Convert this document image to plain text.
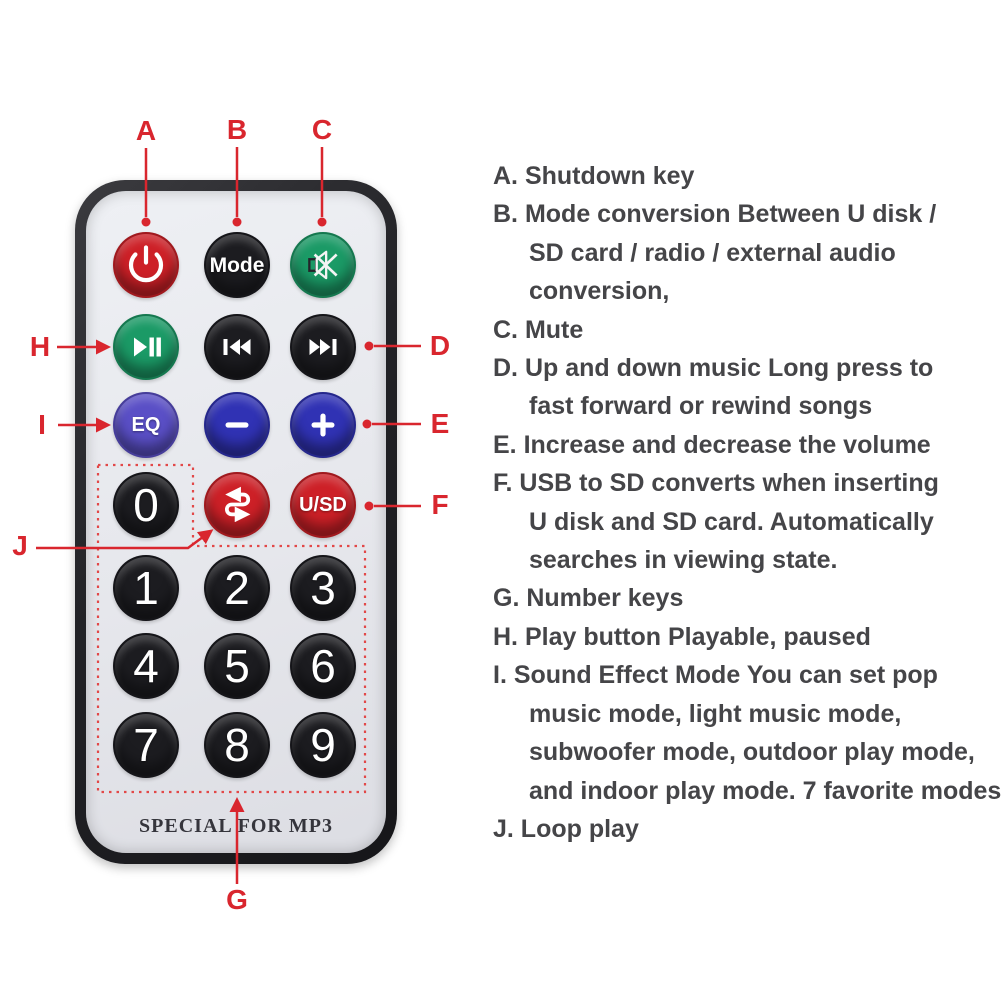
Mode
EQ
0	U/SD
1 2 3
4 5 6
7 8 9
SPECIAL FOR MP3
A	B C
D
E
F
G
H
I
J
A. Shutdown key
B. Mode conversion Between U disk /
SD card / radio / external audio
conversion,
C. Mute
D. Up and down music Long press to
fast forward or rewind songs
E. Increase and decrease the volume
F. USB to SD converts when inserting
U disk and SD card. Automatically
searches in viewing state.
G. Number keys
H. Play button Playable, paused
I. Sound Effect Mode You can set pop
music mode, light music mode,
subwoofer mode, outdoor play mode,
and indoor play mode. 7 favorite modes
J. Loop play
